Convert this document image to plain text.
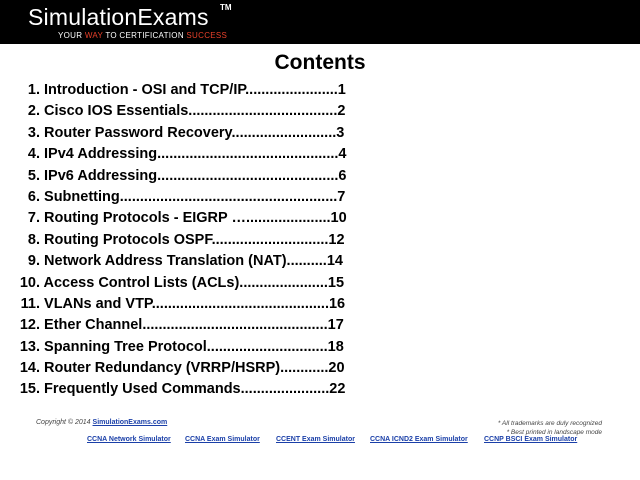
SimulationExams TM
YOUR WAY TO CERTIFICATION SUCCESS
Contents
1. Introduction - OSI and TCP/IP.......................1
2. Cisco IOS Essentials.....................................2
3. Router Password Recovery..........................3
4. IPv4 Addressing.............................................4
5. IPv6 Addressing.............................................6
6. Subnetting......................................................7
7. Routing Protocols - EIGRP ….....................10
8. Routing Protocols OSPF.............................12
9. Network Address Translation (NAT)..........14
10. Access Control Lists (ACLs)......................15
11. VLANs and VTP............................................16
12. Ether Channel..............................................17
13. Spanning Tree Protocol..............................18
14. Router Redundancy (VRRP/HSRP)............20
15. Frequently Used Commands......................22
Copyright © 2014 SimulationExams.com	* All trademarks are duly recognized
* Best printed in landscape mode
CCNA Network Simulator CCNA Exam Simulator CCENT Exam Simulator CCNA ICND2 Exam Simulator CCNP BSCI Exam Simulator
